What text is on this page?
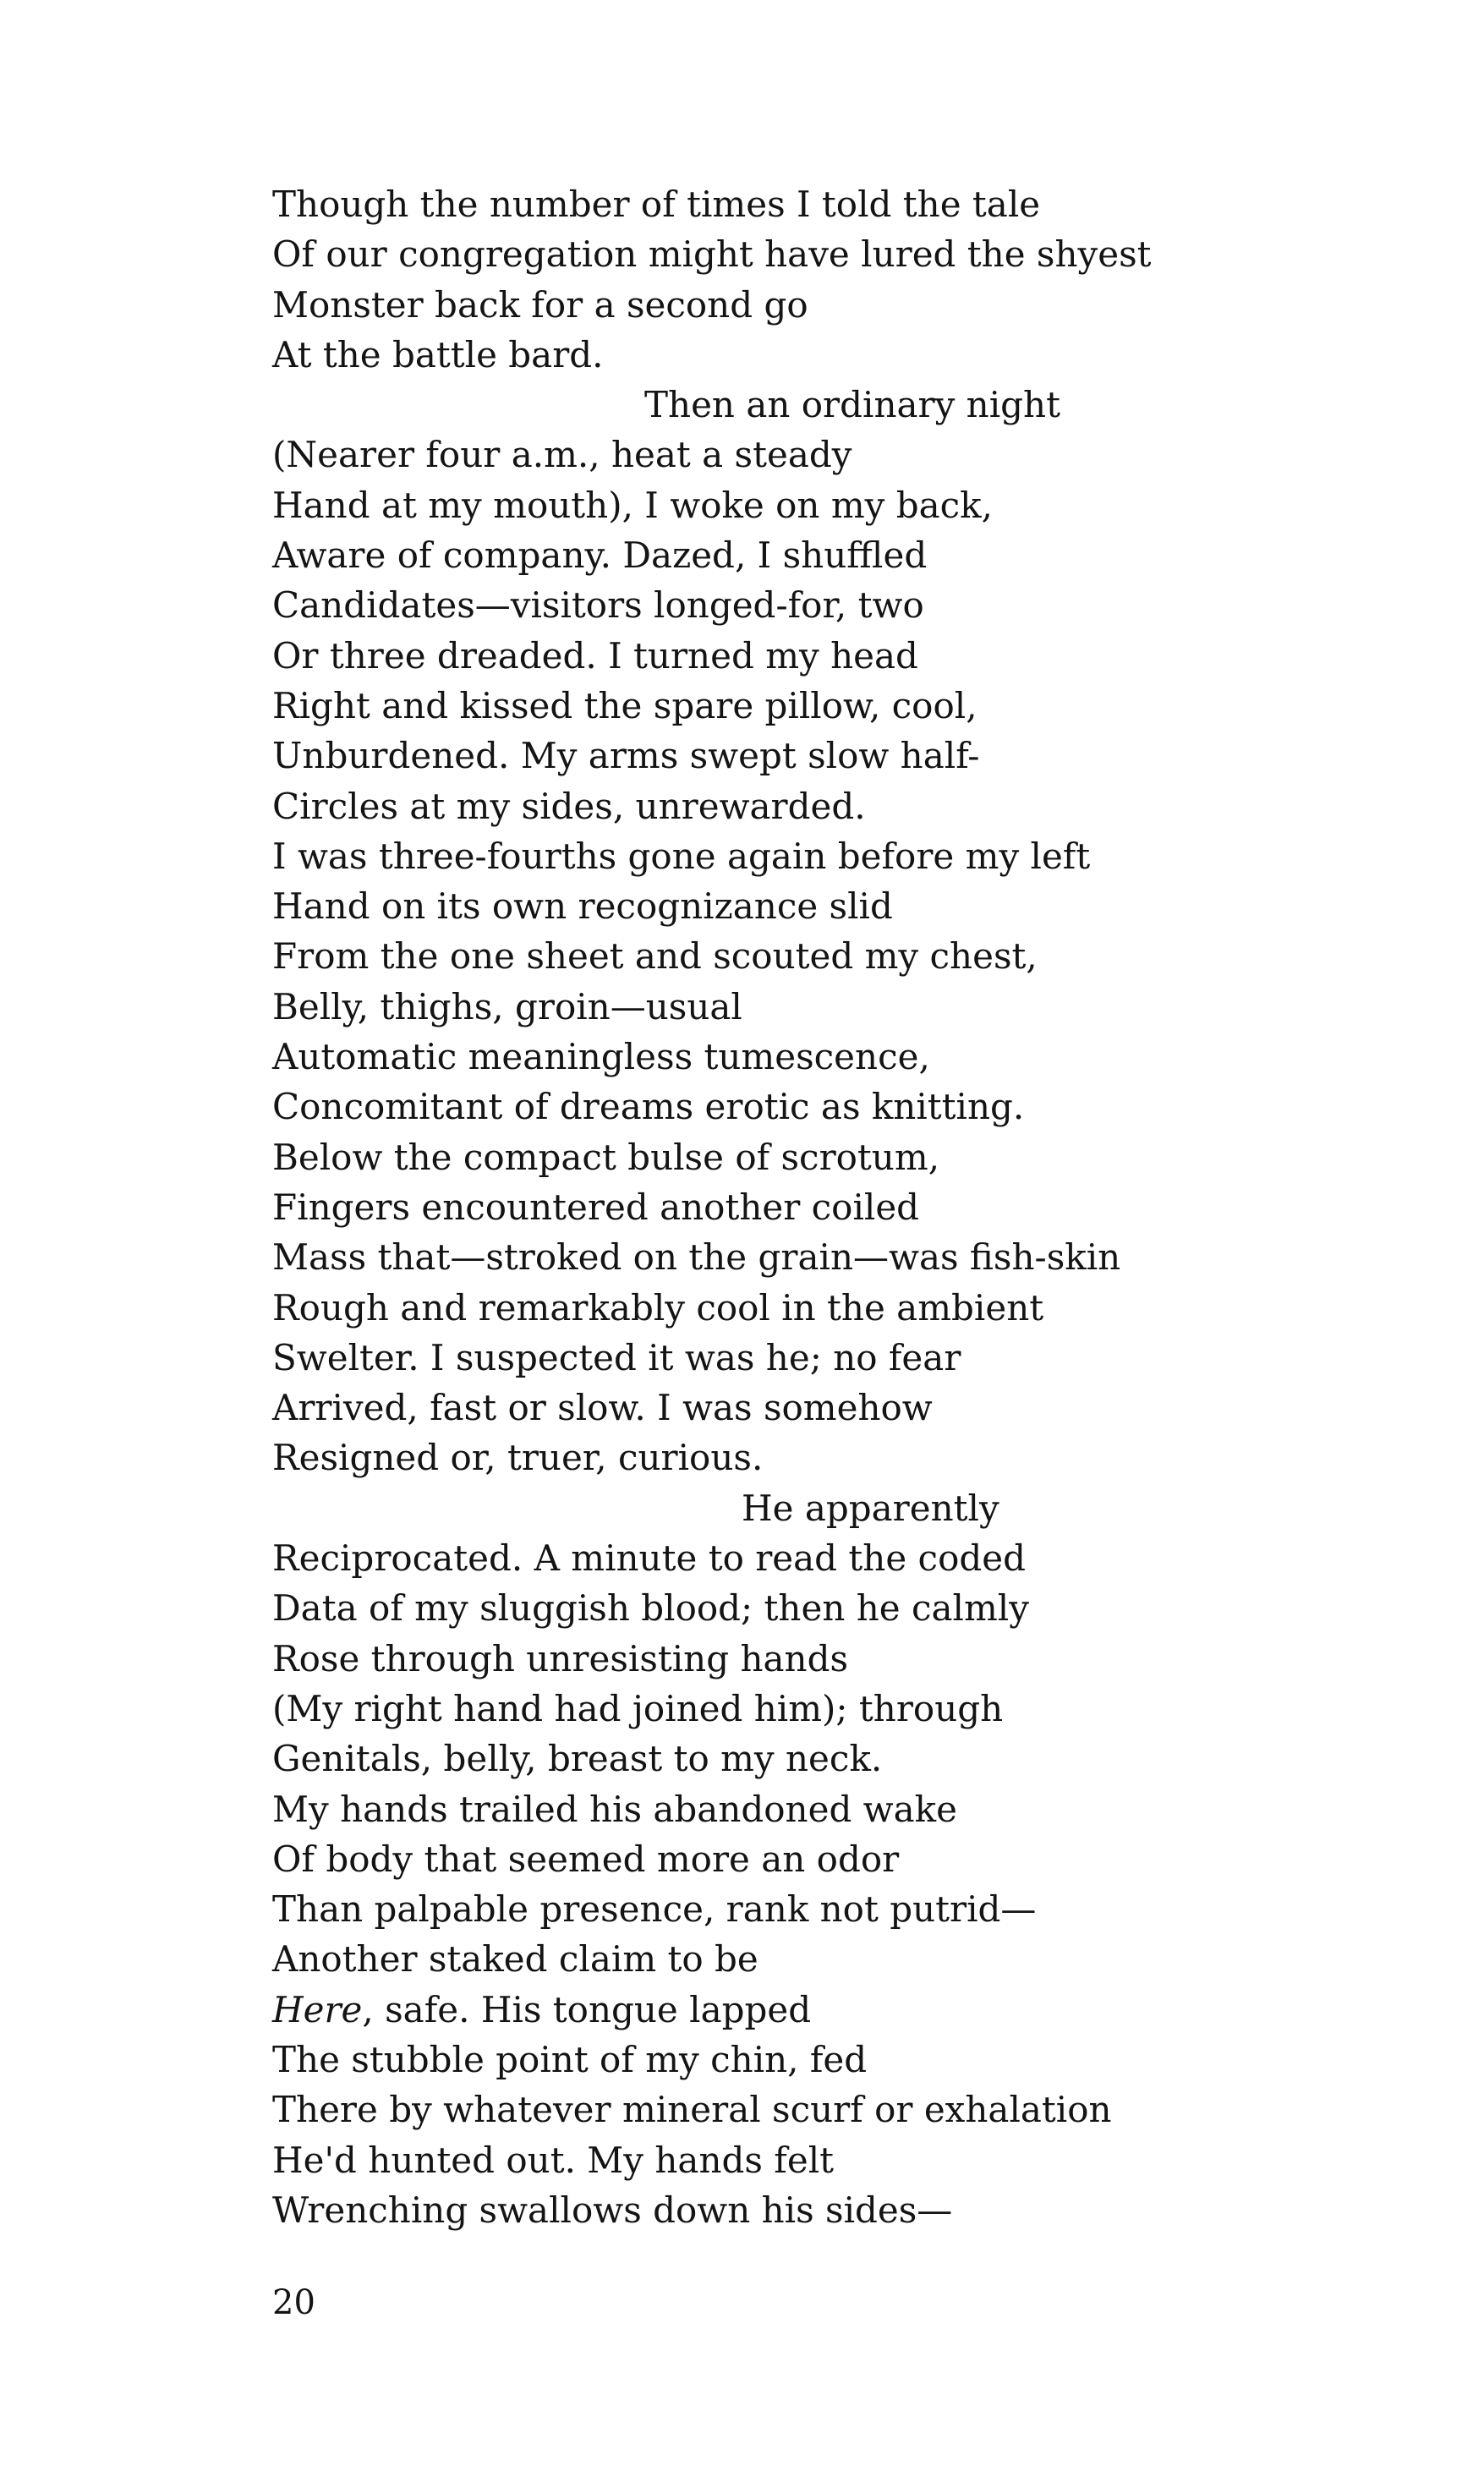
Though the number of times I told the tale
Of our congregation might have lured the shyest
Monster back for a second go
At the battle bard.
Then an ordinary night
(Nearer four a.m., heat a steady
Hand at my mouth), I woke on my back,
Aware of company. Dazed, I shuffled
Candidates—visitors longed-for, two
Or three dreaded. I turned my head
Right and kissed the spare pillow, cool,
Unburdened. My arms swept slow half-
Circles at my sides, unrewarded.
I was three-fourths gone again before my left
Hand on its own recognizance slid
From the one sheet and scouted my chest,
Belly, thighs, groin—usual
Automatic meaningless tumescence,
Concomitant of dreams erotic as knitting.
Below the compact bulse of scrotum,
Fingers encountered another coiled
Mass that—stroked on the grain—was fish-skin
Rough and remarkably cool in the ambient
Swelter. I suspected it was he; no fear
Arrived, fast or slow. I was somehow
Resigned or, truer, curious.
He apparently
Reciprocated. A minute to read the coded
Data of my sluggish blood; then he calmly
Rose through unresisting hands
(My right hand had joined him); through
Genitals, belly, breast to my neck.
My hands trailed his abandoned wake
Of body that seemed more an odor
Than palpable presence, rank not putrid—
Another staked claim to be
Here, safe. His tongue lapped
The stubble point of my chin, fed
There by whatever mineral scurf or exhalation
He'd hunted out. My hands felt
Wrenching swallows down his sides—
20
